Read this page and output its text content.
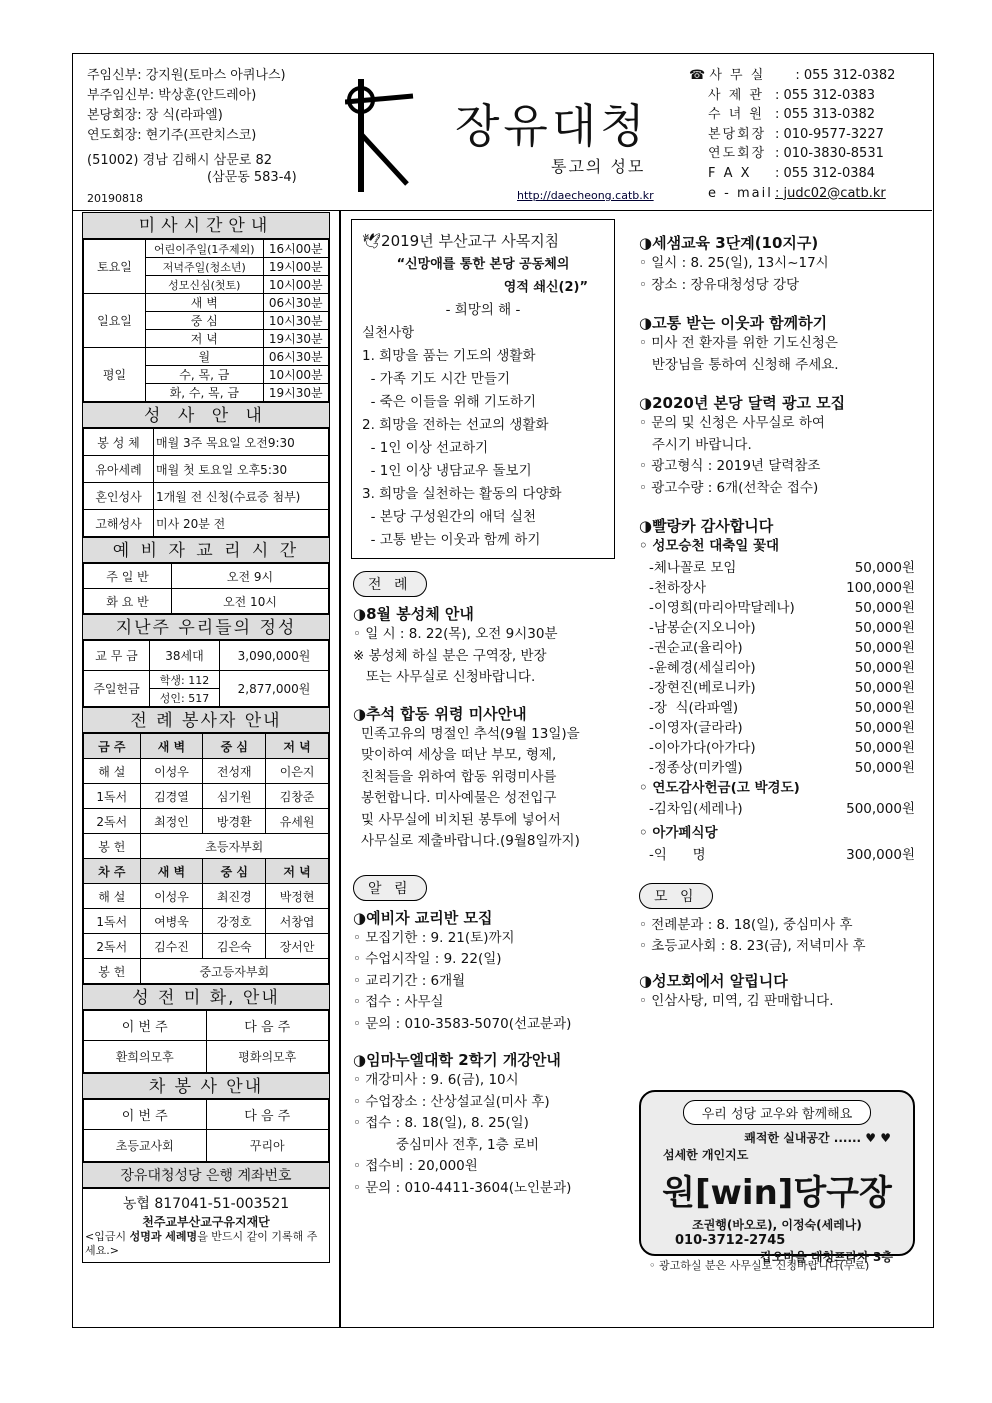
주임신부: 강지원(토마스 아퀴나스)
부주임신부: 박상훈(안드레아)
본당회장: 장 식(라파엘)
연도회장: 현기주(프란치스코)
(51002) 경남 김해시 삼문로 82
(삼문동 583-4)
20190818
장유대청
통고의 성모
http://daecheong.catb.kr
☎ 사 무 실 : 055 312-0382
사 제 관 : 055 312-0383
수 녀 원 : 055 313-0382
본당회장 : 010-9577-3227
연도회장 : 010-3830-8531
F A X : 055 312-0384
e - mail : judc02@catb.kr
미사시간안내
토요일	어린이주일(1주제외)	16시00분
	저녁주일(청소년)	19시00분
	성모신심(첫토)	10시00분
일요일	새 벽	06시30분
	중 심	10시30분
	저 녁	19시30분
평일	월	06시30분
	수, 목, 금	10시00분
	화, 수, 목, 금	19시30분
성 사 안 내
봉 성 체	매월 3주 목요일 오전9:30
유아세례	매월 첫 토요일 오후5:30
혼인성사	1개월 전 신청(수료증 첨부)
고해성사	미사 20분 전
예 비 자 교 리 시 간
주 일 반	오전 9시
화 요 반	오전 10시
지난주 우리들의 정성
교 무 금	38세대	3,090,000원
주일헌금	학생: 112	2,877,000원
	성인: 517	
전 례 봉사자 안내
금 주	새 벽	중 심	저 녁
해 설	이성우	전성재	이은지
1독서	김경열	심기원	김창준
2독서	최정인	방경환	유세원
봉 헌	초등자부회		
차 주	새 벽	중 심	저 녁
해 설	이성우	최진경	박정현
1독서	여병욱	강정호	서창엽
2독서	김수진	김은숙	장서안
봉 헌	중고등자부회		
성 전 미 화, 안내
이 번 주	다 음 주
환희의모후	평화의모후
차 봉 사 안내
이 번 주	다 음 주
초등교사회	꾸리아
장유대청성당 은행 계좌번호
농협 817041-51-003521
천주교부산교구유지재단
<입금시 성명과 세례명을 반드시 같이 기록해 주세요.>
🕊2019년 부산교구 사목지침
“신망애를 통한 본당 공동체의
영적 쇄신(2)”
- 희망의 해 -
실천사항
1. 희망을 품는 기도의 생활화
- 가족 기도 시간 만들기
- 죽은 이들을 위해 기도하기
2. 희망을 전하는 선교의 생활화
- 1인 이상 선교하기
- 1인 이상 냉담교우 돌보기
3. 희망을 실천하는 활동의 다양화
- 본당 구성원간의 애덕 실천
- 고통 받는 이웃과 함께 하기
전 례
◑8월 봉성체 안내
◦ 일 시 : 8. 22(목), 오전 9시30분
※ 봉성체 하실 분은 구역장, 반장
또는 사무실로 신청바랍니다.
◑추석 합동 위령 미사안내
민족고유의 명절인 추석(9월 13일)을
맞이하여 세상을 떠난 부모, 형제,
친척들을 위하여 합동 위령미사를
봉헌합니다. 미사예물은 성전입구
및 사무실에 비치된 봉투에 넣어서
사무실로 제출바랍니다.(9월8일까지)
알 림
◑예비자 교리반 모집
◦ 모집기한 : 9. 21(토)까지
◦ 수업시작일 : 9. 22(일)
◦ 교리기간 : 6개월
◦ 접수 : 사무실
◦ 문의 : 010-3583-5070(선교분과)
◑임마누엘대학 2학기 개강안내
◦ 개강미사 : 9. 6(금), 10시
◦ 수업장소 : 산상설교실(미사 후)
◦ 접수 : 8. 18(일), 8. 25(일)
중심미사 전후, 1층 로비
◦ 접수비 : 20,000원
◦ 문의 : 010-4411-3604(노인분과)
◑세샘교육 3단계(10지구)
◦ 일시 : 8. 25(일), 13시~17시
◦ 장소 : 장유대청성당 강당
◑고통 받는 이웃과 함께하기
◦ 미사 전 환자를 위한 기도신청은
반장님을 통하여 신청해 주세요.
◑2020년 본당 달력 광고 모집
◦ 문의 및 신청은 사무실로 하여
주시기 바랍니다.
◦ 광고형식 : 2019년 달력참조
◦ 광고수량 : 6개(선착순 접수)
◑빨랑카 감사합니다
◦ 성모승천 대축일 꽃대
-체나꼴로 모임	50,000원
-천하장사	100,000원
-이영희(마리아막달레나)	50,000원
-남봉순(지오니아)	50,000원
-권순교(율리아)	50,000원
-윤혜경(세실리아)	50,000원
-장현진(베로니카)	50,000원
-장  식(라파엘)	50,000원
-이영자(글라라)	50,000원
-이아가다(아가다)	50,000원
-정종상(미카엘)	50,000원
◦ 연도감사헌금(고 박경도)
-김차임(세레나)	500,000원
◦ 아가페식당
-익      명	300,000원
모 임
◦ 전례분과 : 8. 18(일), 중심미사 후
◦ 초등교사회 : 8. 23(금), 저녁미사 후
◑성모회에서 알립니다
◦ 인삼사탕, 미역, 김 판매합니다.
우리 성당 교우와 함께해요
쾌적한 실내공간 ...... ♥ ♥
섬세한 개인지도
원[win]당구장
조권행(바오로), 이정숙(세레나)
010-3712-2745
갑오마을 대청프라자 3층
◦ 광고하실 분은 사무실로 신청바랍니다(무료)
